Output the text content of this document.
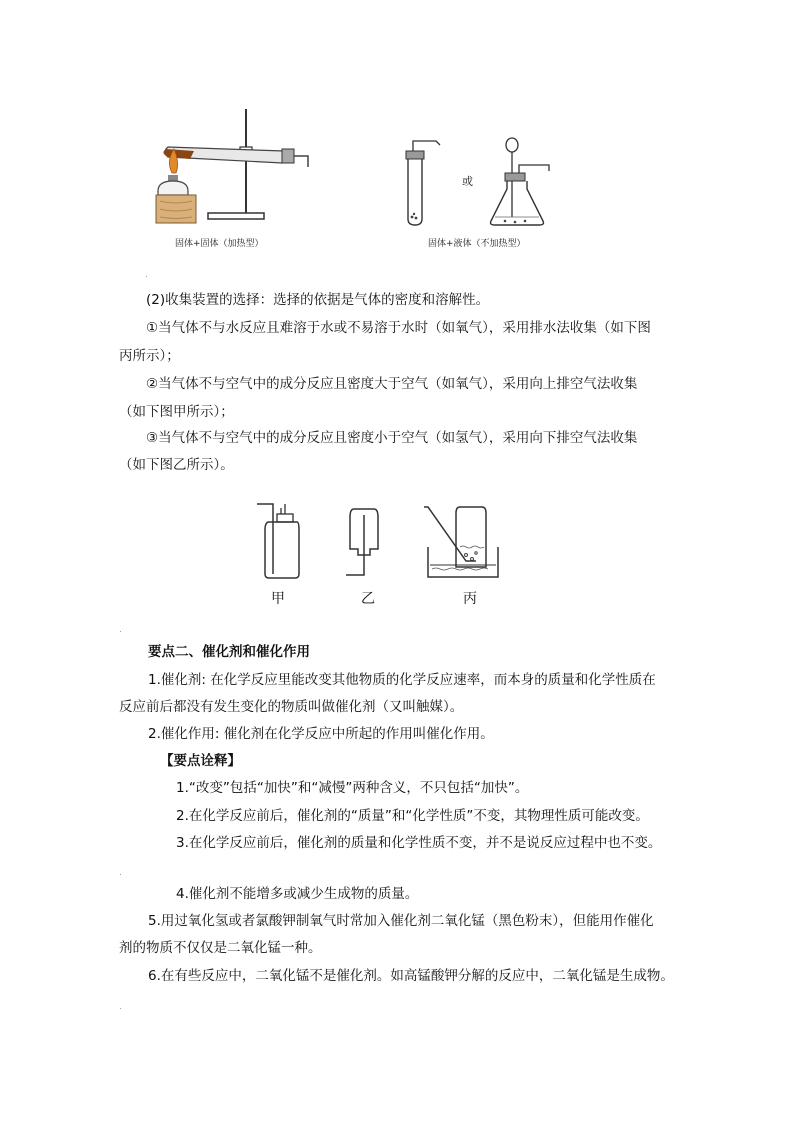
固体+固体（加热型）
或
固体+液体（不加热型）
.
(2)收集装置的选择：选择的依据是气体的密度和溶解性。
①当气体不与水反应且难溶于水或不易溶于水时（如氧气），采用排水法收集（如下图
丙所示）；
②当气体不与空气中的成分反应且密度大于空气（如氧气），采用向上排空气法收集
（如下图甲所示）；
③当气体不与空气中的成分反应且密度小于空气（如氢气），采用向下排空气法收集
（如下图乙所示）。
甲	乙	丙
.
要点二、催化剂和催化作用
1.催化剂: 在化学反应里能改变其他物质的化学反应速率，而本身的质量和化学性质在
反应前后都没有发生变化的物质叫做催化剂（又叫触媒）。
2.催化作用: 催化剂在化学反应中所起的作用叫催化作用。
【要点诠释】
1.“改变”包括“加快”和“减慢”两种含义，不只包括“加快”。
2.在化学反应前后，催化剂的“质量”和“化学性质”不变，其物理性质可能改变。
3.在化学反应前后，催化剂的质量和化学性质不变，并不是说反应过程中也不变。
.
4.催化剂不能增多或减少生成物的质量。
5.用过氧化氢或者氯酸钾制氧气时常加入催化剂二氧化锰（黑色粉末），但能用作催化
剂的物质不仅仅是二氧化锰一种。
6.在有些反应中，二氧化锰不是催化剂。如高锰酸钾分解的反应中，二氧化锰是生成物。
.
